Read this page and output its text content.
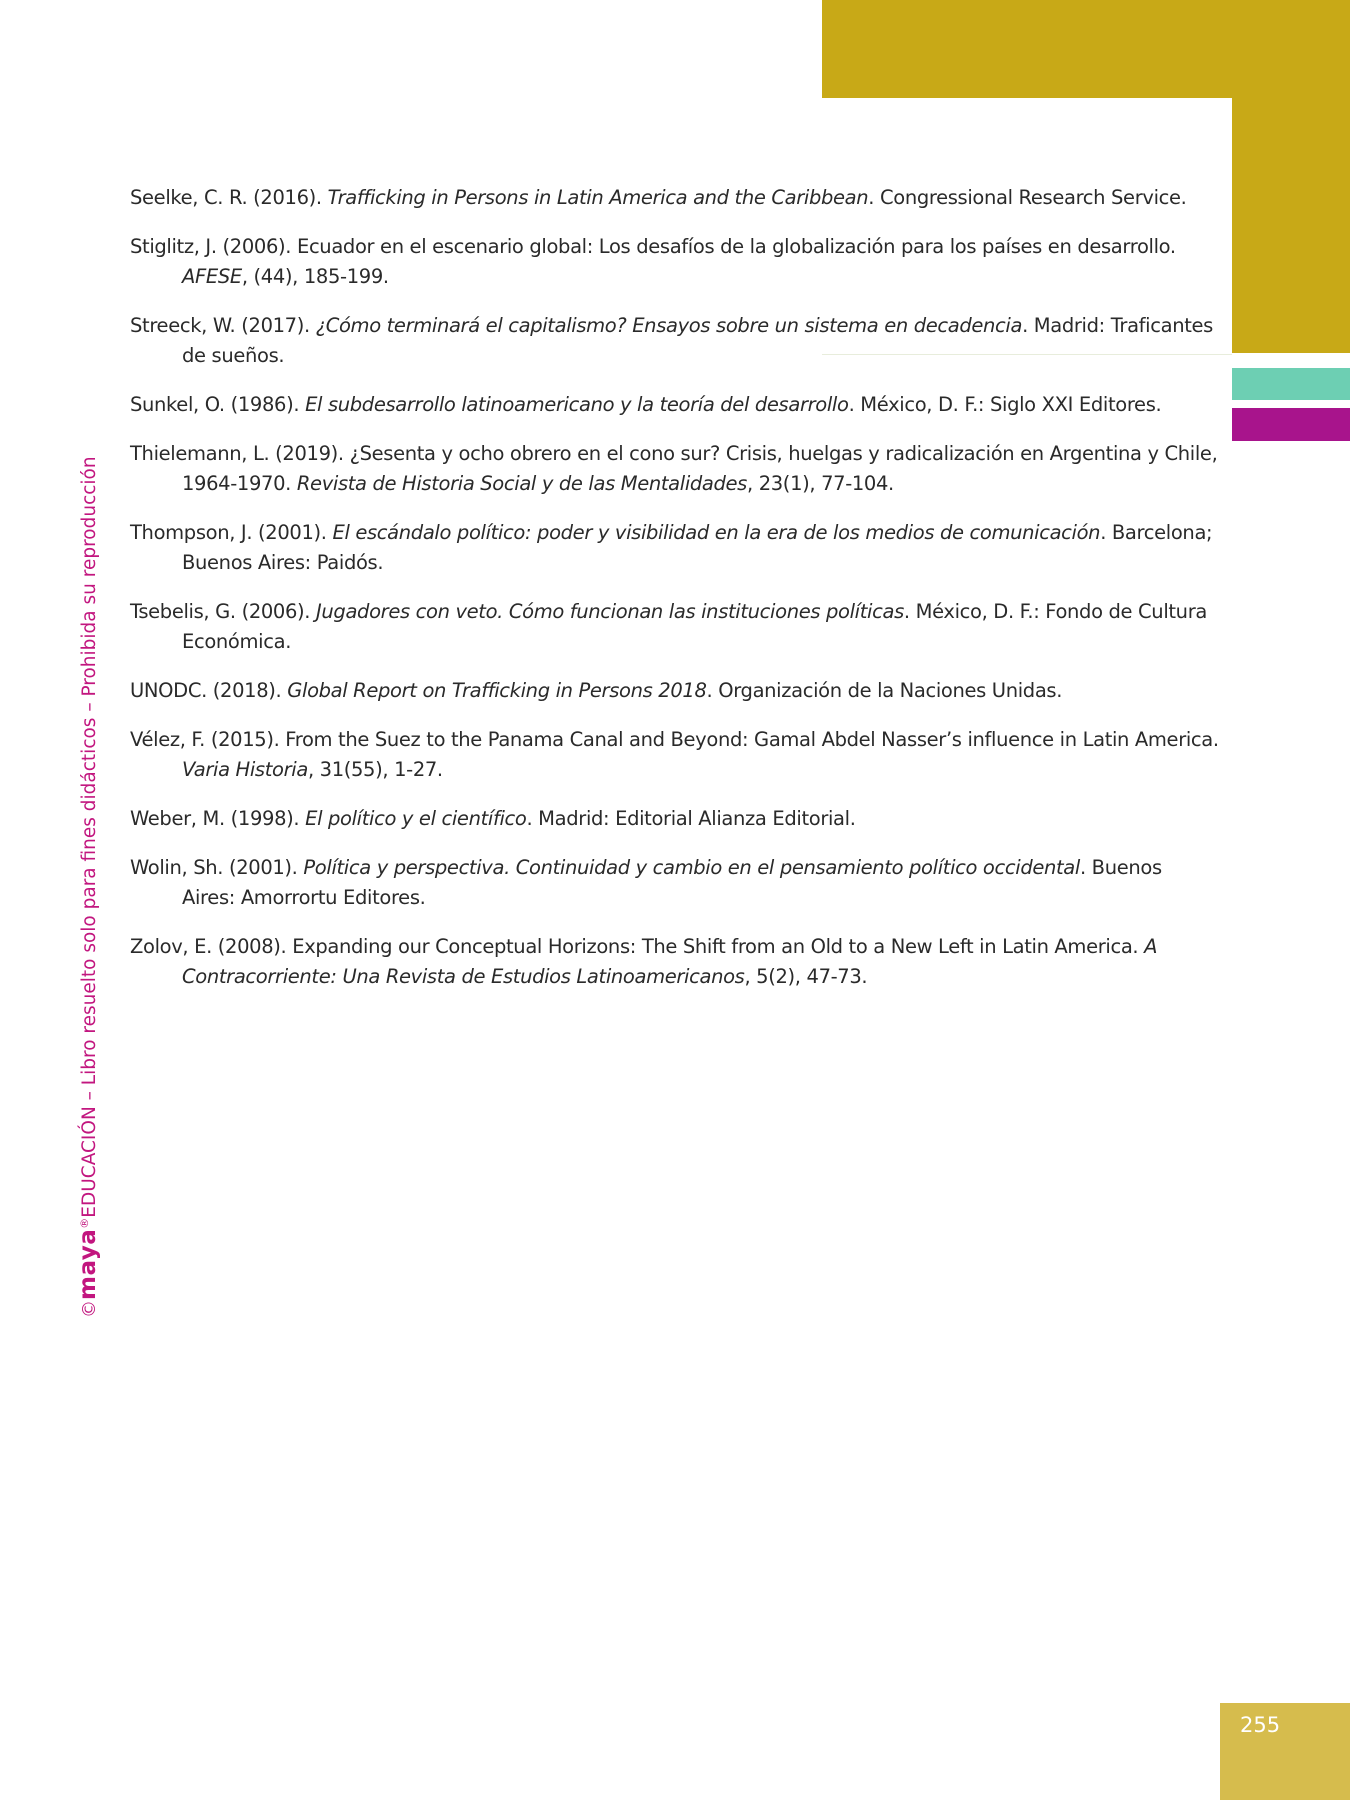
©maya®EDUCACIÓN – Libro resuelto solo para fines didácticos – Prohibida su reproducción

Seelke, C. R. (2016). Trafficking in Persons in Latin America and the Caribbean. Congressional Research Service.

Stiglitz, J. (2006). Ecuador en el escenario global: Los desafíos de la globalización para los países en desarrollo. AFESE, (44), 185-199.

Streeck, W. (2017). ¿Cómo terminará el capitalismo? Ensayos sobre un sistema en decadencia. Madrid: Traficantes de sueños.

Sunkel, O. (1986). El subdesarrollo latinoamericano y la teoría del desarrollo. México, D. F.: Siglo XXI Editores.

Thielemann, L. (2019). ¿Sesenta y ocho obrero en el cono sur? Crisis, huelgas y radicalización en Argentina y Chile, 1964-1970. Revista de Historia Social y de las Mentalidades, 23(1), 77-104.

Thompson, J. (2001). El escándalo político: poder y visibilidad en la era de los medios de comunicación. Barcelona; Buenos Aires: Paidós.

Tsebelis, G. (2006). Jugadores con veto. Cómo funcionan las instituciones políticas. México, D. F.: Fondo de Cultura Económica.

UNODC. (2018). Global Report on Trafficking in Persons 2018. Organización de la Naciones Unidas.

Vélez, F. (2015). From the Suez to the Panama Canal and Beyond: Gamal Abdel Nasser’s influence in Latin America. Varia Historia, 31(55), 1-27.

Weber, M. (1998). El político y el científico. Madrid: Editorial Alianza Editorial.

Wolin, Sh. (2001). Política y perspectiva. Continuidad y cambio en el pensamiento político occidental. Buenos Aires: Amorrortu Editores.

Zolov, E. (2008). Expanding our Conceptual Horizons: The Shift from an Old to a New Left in Latin America. A Contracorriente: Una Revista de Estudios Latinoamericanos, 5(2), 47-73.

255
